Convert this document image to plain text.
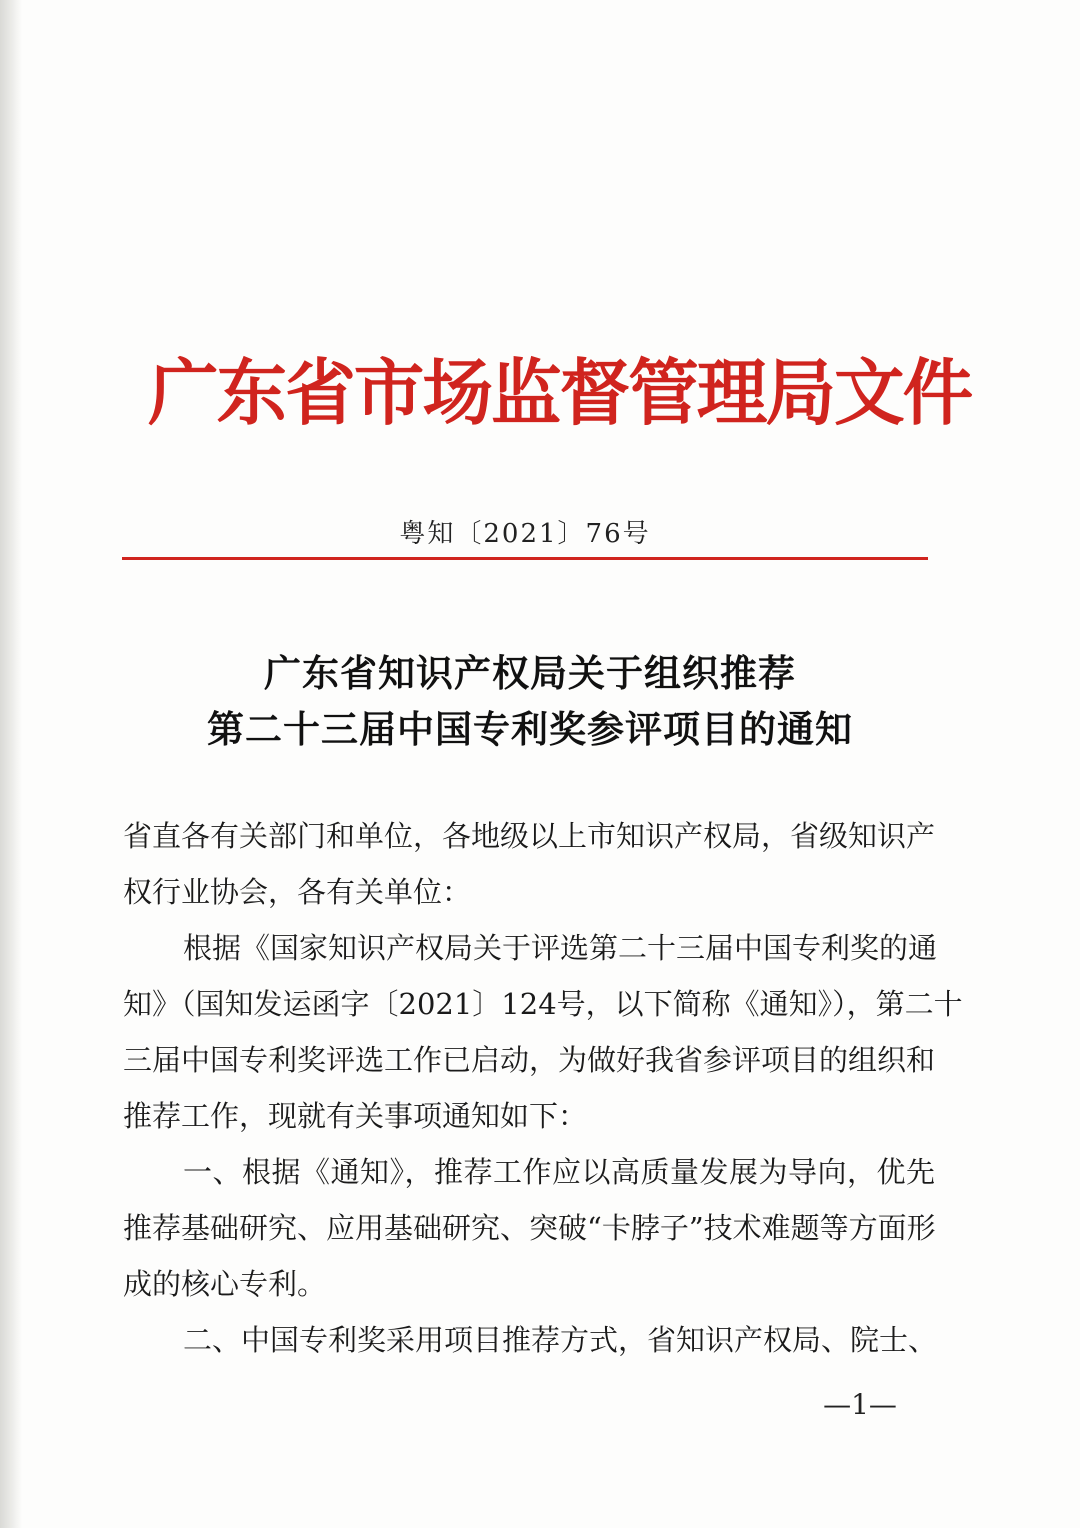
广东省市场监督管理局文件
粤知〔2021〕76号
广东省知识产权局关于组织推荐
第二十三届中国专利奖参评项目的通知
省直各有关部门和单位，各地级以上市知识产权局，省级知识产
权行业协会，各有关单位：
根据《国家知识产权局关于评选第二十三届中国专利奖的通
知》（国知发运函字〔2021〕124号，以下简称《通知》），第二十
三届中国专利奖评选工作已启动，为做好我省参评项目的组织和
推荐工作，现就有关事项通知如下：
一、根据《通知》，推荐工作应以高质量发展为导向，优先
推荐基础研究、应用基础研究、突破“卡脖子”技术难题等方面形
成的核心专利。
二、中国专利奖采用项目推荐方式，省知识产权局、院士、
—1—
